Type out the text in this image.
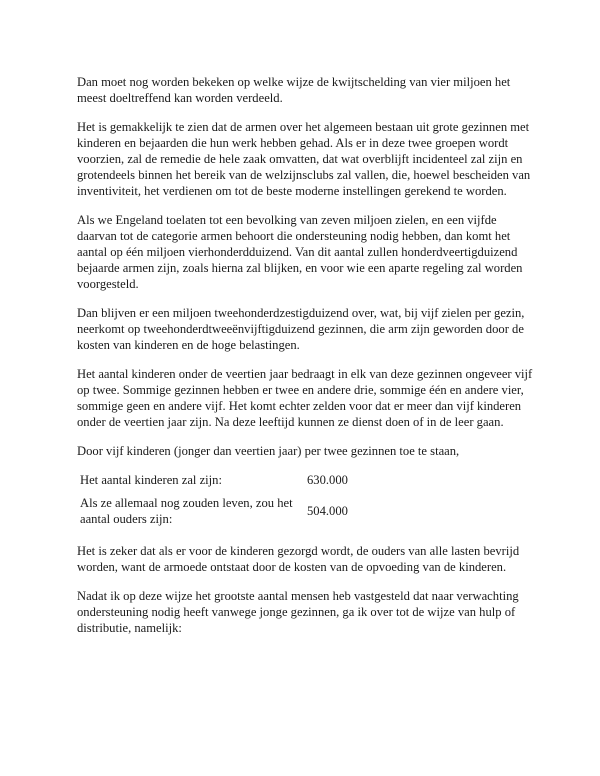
Dan moet nog worden bekeken op welke wijze de kwijtschelding van vier miljoen het meest doeltreffend kan worden verdeeld.

Het is gemakkelijk te zien dat de armen over het algemeen bestaan uit grote gezinnen met kinderen en bejaarden die hun werk hebben gehad. Als er in deze twee groepen wordt voorzien, zal de remedie de hele zaak omvatten, dat wat overblijft incidenteel zal zijn en grotendeels binnen het bereik van de welzijnsclubs zal vallen, die, hoewel bescheiden van inventiviteit, het verdienen om tot de beste moderne instellingen gerekend te worden.

Als we Engeland toelaten tot een bevolking van zeven miljoen zielen, en een vijfde daarvan tot de categorie armen behoort die ondersteuning nodig hebben, dan komt het aantal op één miljoen vierhonderdduizend. Van dit aantal zullen honderdveertigduizend bejaarde armen zijn, zoals hierna zal blijken, en voor wie een aparte regeling zal worden voorgesteld.

Dan blijven er een miljoen tweehonderdzestigduizend over, wat, bij vijf zielen per gezin, neerkomt op tweehonderdtweeënvijftigduizend gezinnen, die arm zijn geworden door de kosten van kinderen en de hoge belastingen.

Het aantal kinderen onder de veertien jaar bedraagt in elk van deze gezinnen ongeveer vijf op twee. Sommige gezinnen hebben er twee en andere drie, sommige één en andere vier, sommige geen en andere vijf. Het komt echter zelden voor dat er meer dan vijf kinderen onder de veertien jaar zijn. Na deze leeftijd kunnen ze dienst doen of in de leer gaan.

Door vijf kinderen (jonger dan veertien jaar) per twee gezinnen toe te staan,

Het aantal kinderen zal zijn:	630.000
Als ze allemaal nog zouden leven, zou het aantal ouders zijn:	504.000

Het is zeker dat als er voor de kinderen gezorgd wordt, de ouders van alle lasten bevrijd worden, want de armoede ontstaat door de kosten van de opvoeding van de kinderen.

Nadat ik op deze wijze het grootste aantal mensen heb vastgesteld dat naar verwachting ondersteuning nodig heeft vanwege jonge gezinnen, ga ik over tot de wijze van hulp of distributie, namelijk:
